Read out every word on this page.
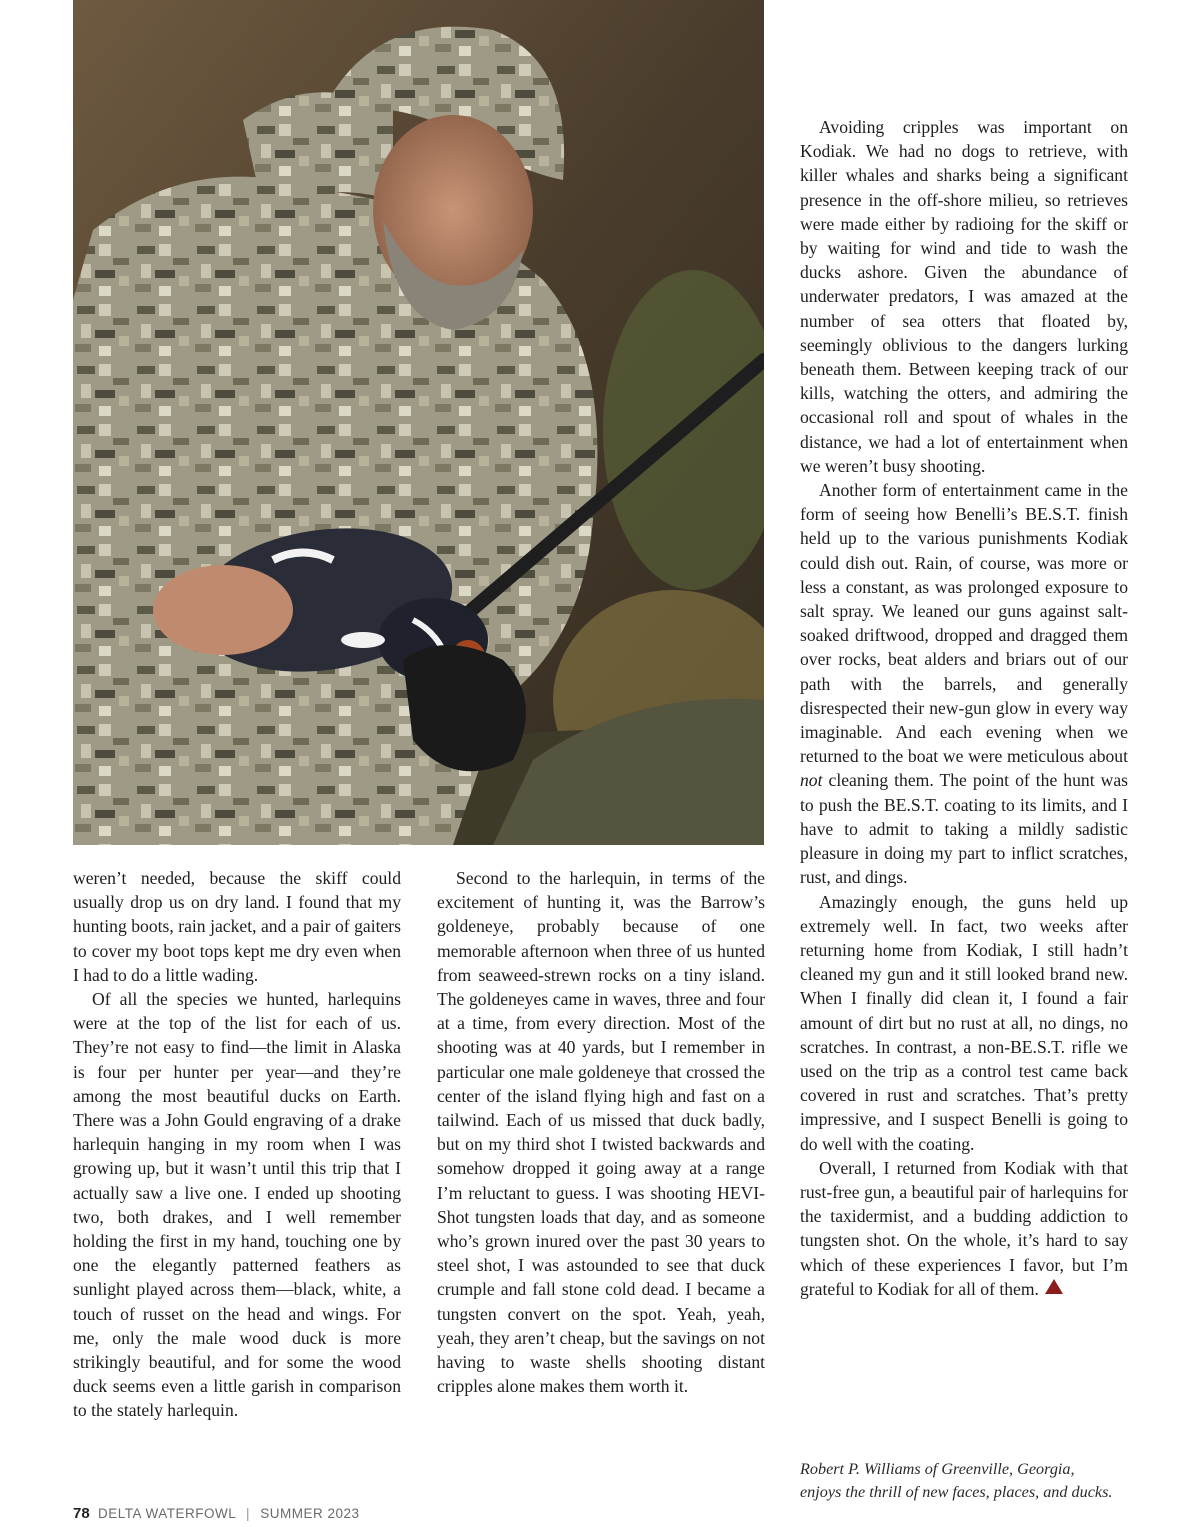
weren’t needed, because the skiff could usually drop us on dry land. I found that my hunting boots, rain jacket, and a pair of gaiters to cover my boot tops kept me dry even when I had to do a little wading.

Of all the species we hunted, harlequins were at the top of the list for each of us. They’re not easy to find—the limit in Alaska is four per hunter per year—and they’re among the most beautiful ducks on Earth. There was a John Gould engraving of a drake harlequin hanging in my room when I was growing up, but it wasn’t until this trip that I actually saw a live one. I ended up shooting two, both drakes, and I well remember holding the first in my hand, touching one by one the elegantly patterned feathers as sunlight played across them—black, white, a touch of russet on the head and wings. For me, only the male wood duck is more strikingly beautiful, and for some the wood duck seems even a little garish in comparison to the stately harlequin.

Second to the harlequin, in terms of the excitement of hunting it, was the Barrow’s goldeneye, probably because of one memorable afternoon when three of us hunted from seaweed-strewn rocks on a tiny island. The goldeneyes came in waves, three and four at a time, from every direction. Most of the shooting was at 40 yards, but I remember in particular one male goldeneye that crossed the center of the island flying high and fast on a tailwind. Each of us missed that duck badly, but on my third shot I twisted backwards and somehow dropped it going away at a range I’m reluctant to guess. I was shooting HEVI-Shot tungsten loads that day, and as someone who’s grown inured over the past 30 years to steel shot, I was astounded to see that duck crumple and fall stone cold dead. I became a tungsten convert on the spot. Yeah, yeah, yeah, they aren’t cheap, but the savings on not having to waste shells shooting distant cripples alone makes them worth it.

Avoiding cripples was important on Kodiak. We had no dogs to retrieve, with killer whales and sharks being a significant presence in the off-shore milieu, so retrieves were made either by radioing for the skiff or by waiting for wind and tide to wash the ducks ashore. Given the abundance of underwater predators, I was amazed at the number of sea otters that floated by, seemingly oblivious to the dangers lurking beneath them. Between keeping track of our kills, watching the otters, and admiring the occasional roll and spout of whales in the distance, we had a lot of entertainment when we weren’t busy shooting.

Another form of entertainment came in the form of seeing how Benelli’s BE.S.T. finish held up to the various punishments Kodiak could dish out. Rain, of course, was more or less a constant, as was prolonged exposure to salt spray. We leaned our guns against salt-soaked driftwood, dropped and dragged them over rocks, beat alders and briars out of our path with the barrels, and generally disrespected their new-gun glow in every way imaginable. And each evening when we returned to the boat we were meticulous about not cleaning them. The point of the hunt was to push the BE.S.T. coating to its limits, and I have to admit to taking a mildly sadistic pleasure in doing my part to inflict scratches, rust, and dings.

Amazingly enough, the guns held up extremely well. In fact, two weeks after returning home from Kodiak, I still hadn’t cleaned my gun and it still looked brand new. When I finally did clean it, I found a fair amount of dirt but no rust at all, no dings, no scratches. In contrast, a non-BE.S.T. rifle we used on the trip as a control test came back covered in rust and scratches. That’s pretty impressive, and I suspect Benelli is going to do well with the coating.

Overall, I returned from Kodiak with that rust-free gun, a beautiful pair of harlequins for the taxidermist, and a budding addiction to tungsten shot. On the whole, it’s hard to say which of these experiences I favor, but I’m grateful to Kodiak for all of them.

Robert P. Williams of Greenville, Georgia,
enjoys the thrill of new faces, places, and ducks.
78 DELTA WATERFOWL | SUMMER 2023
